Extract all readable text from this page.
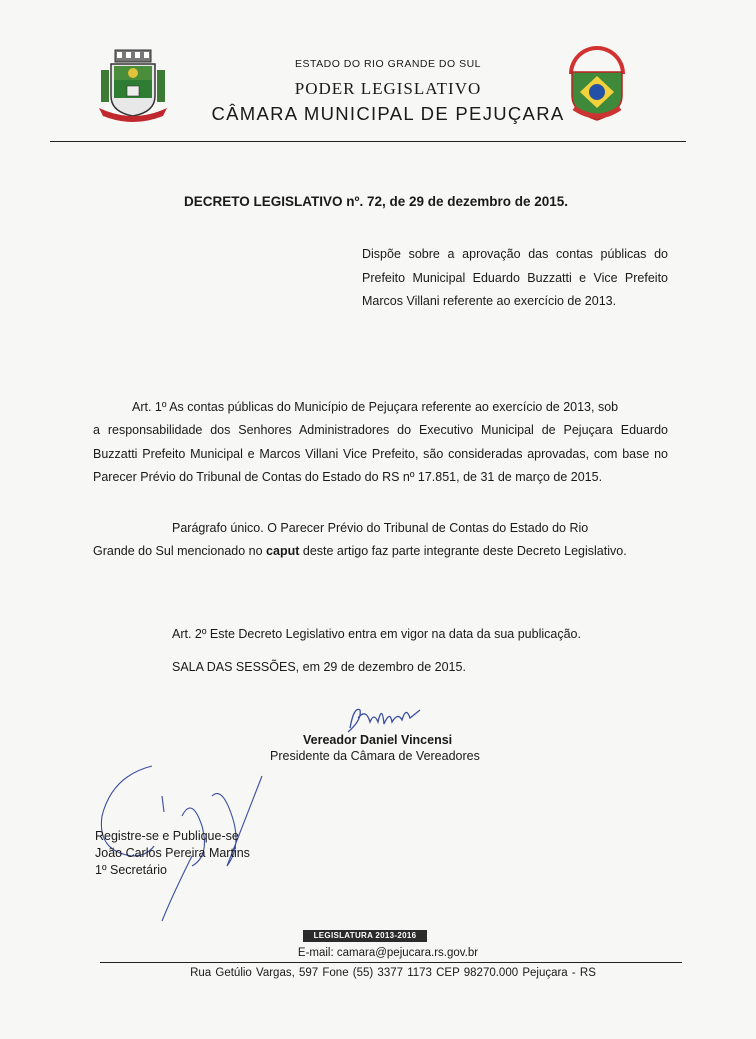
ESTADO DO RIO GRANDE DO SUL
PODER LEGISLATIVO
CÂMARA MUNICIPAL DE PEJUÇARA
DECRETO LEGISLATIVO nº. 72, de 29 de dezembro de 2015.
Dispõe sobre a aprovação das contas públicas do Prefeito Municipal Eduardo Buzzatti e Vice Prefeito Marcos Villani referente ao exercício de 2013.
Art. 1º As contas públicas do Município de Pejuçara referente ao exercício de 2013, sob
a responsabilidade dos Senhores Administradores do Executivo Municipal de Pejuçara Eduardo Buzzatti Prefeito Municipal e Marcos Villani Vice Prefeito, são consideradas aprovadas, com base no Parecer Prévio do Tribunal de Contas do Estado do RS nº 17.851, de 31 de março de 2015.
Parágrafo único. O Parecer Prévio do Tribunal de Contas do Estado do Rio
Grande do Sul mencionado no caput deste artigo faz parte integrante deste Decreto Legislativo.
Art. 2º Este Decreto Legislativo entra em vigor na data da sua publicação.
SALA DAS SESSÕES, em 29 de dezembro de 2015.
Vereador Daniel Vincensi
Presidente da Câmara de Vereadores
Registre-se e Publique-se
João Carlos Pereira Martins
1º Secretário
LEGISLATURA 2013-2016
E-mail: camara@pejucara.rs.gov.br
Rua Getúlio Vargas, 597 Fone (55) 3377 1173 CEP 98270.000 Pejuçara - RS
